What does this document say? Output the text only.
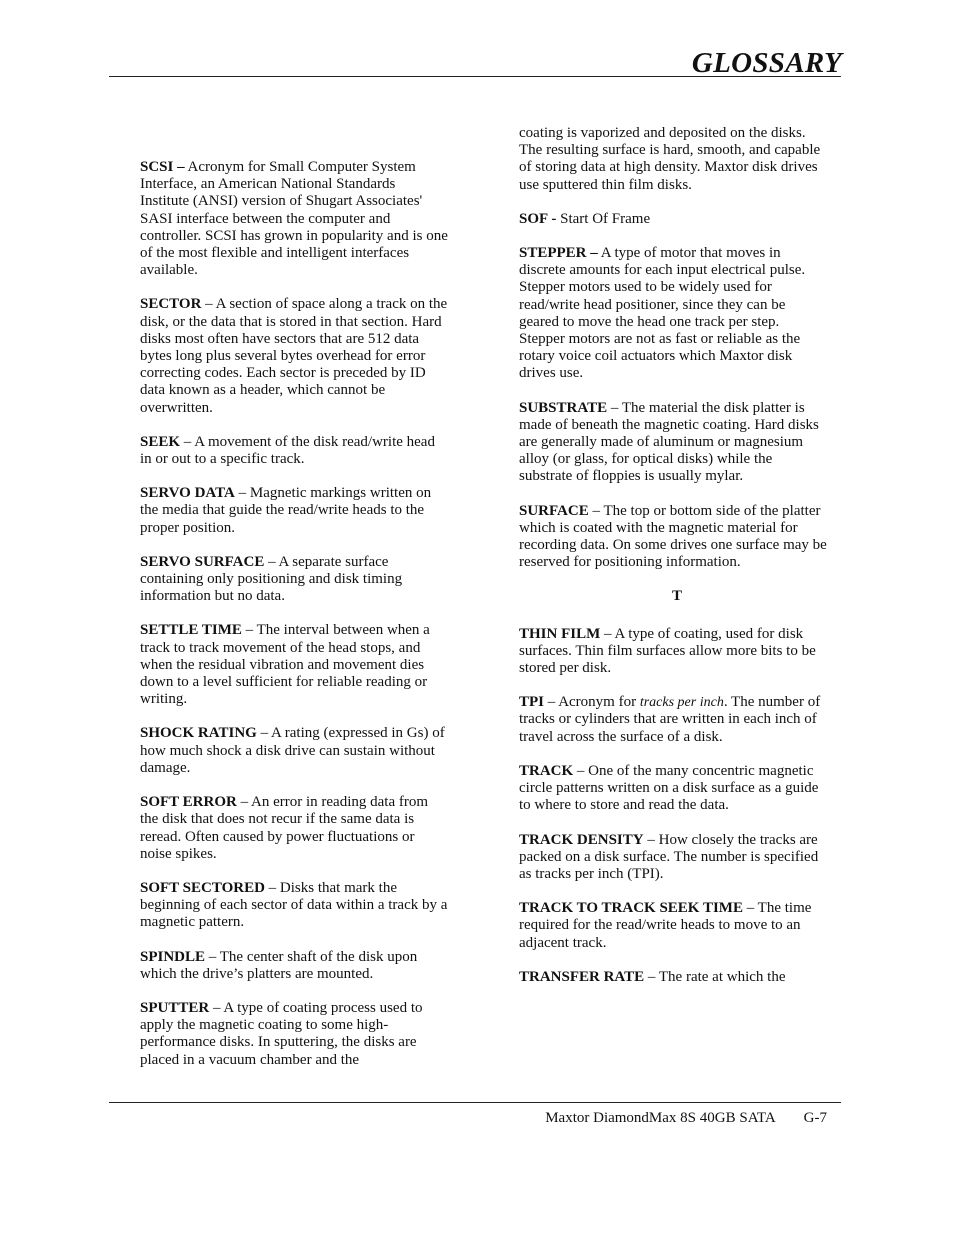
GLOSSARY

SCSI – Acronym for Small Computer System Interface, an American National Standards Institute (ANSI) version of Shugart Associates' SASI interface between the computer and controller. SCSI has grown in popularity and is one of the most flexible and intelligent interfaces available.

SECTOR – A section of space along a track on the disk, or the data that is stored in that section. Hard disks most often have sectors that are 512 data bytes long plus several bytes overhead for error correcting codes. Each sector is preceded by ID data known as a header, which cannot be overwritten.

SEEK – A movement of the disk read/write head in or out to a specific track.

SERVO DATA – Magnetic markings written on the media that guide the read/write heads to the proper position.

SERVO SURFACE – A separate surface containing only positioning and disk timing information but no data.

SETTLE TIME – The interval between when a track to track movement of the head stops, and when the residual vibration and movement dies down to a level sufficient for reliable reading or writing.

SHOCK RATING – A rating (expressed in Gs) of how much shock a disk drive can sustain without damage.

SOFT ERROR – An error in reading data from the disk that does not recur if the same data is reread. Often caused by power fluctuations or noise spikes.

SOFT SECTORED – Disks that mark the beginning of each sector of data within a track by a magnetic pattern.

SPINDLE – The center shaft of the disk upon which the drive’s platters are mounted.

SPUTTER – A type of coating process used to apply the magnetic coating to some high-performance disks. In sputtering, the disks are placed in a vacuum chamber and the

coating is vaporized and deposited on the disks. The resulting surface is hard, smooth, and capable of storing data at high density. Maxtor disk drives use sputtered thin film disks.

SOF - Start Of Frame

STEPPER – A type of motor that moves in discrete amounts for each input electrical pulse. Stepper motors used to be widely used for read/write head positioner, since they can be geared to move the head one track per step. Stepper motors are not as fast or reliable as the rotary voice coil actuators which Maxtor disk drives use.

SUBSTRATE – The material the disk platter is made of beneath the magnetic coating. Hard disks are generally made of aluminum or magnesium alloy (or glass, for optical disks) while the substrate of floppies is usually mylar.

SURFACE – The top or bottom side of the platter which is coated with the magnetic material for recording data. On some drives one surface may be reserved for positioning information.

T

THIN FILM – A type of coating, used for disk surfaces. Thin film surfaces allow more bits to be stored per disk.

TPI – Acronym for tracks per inch. The number of tracks or cylinders that are written in each inch of travel across the surface of a disk.

TRACK – One of the many concentric magnetic circle patterns written on a disk surface as a guide to where to store and read the data.

TRACK DENSITY – How closely the tracks are packed on a disk surface. The number is specified as tracks per inch (TPI).

TRACK TO TRACK SEEK TIME – The time required for the read/write heads to move to an adjacent track.

TRANSFER RATE – The rate at which the

Maxtor DiamondMax 8S 40GB SATA G-7
